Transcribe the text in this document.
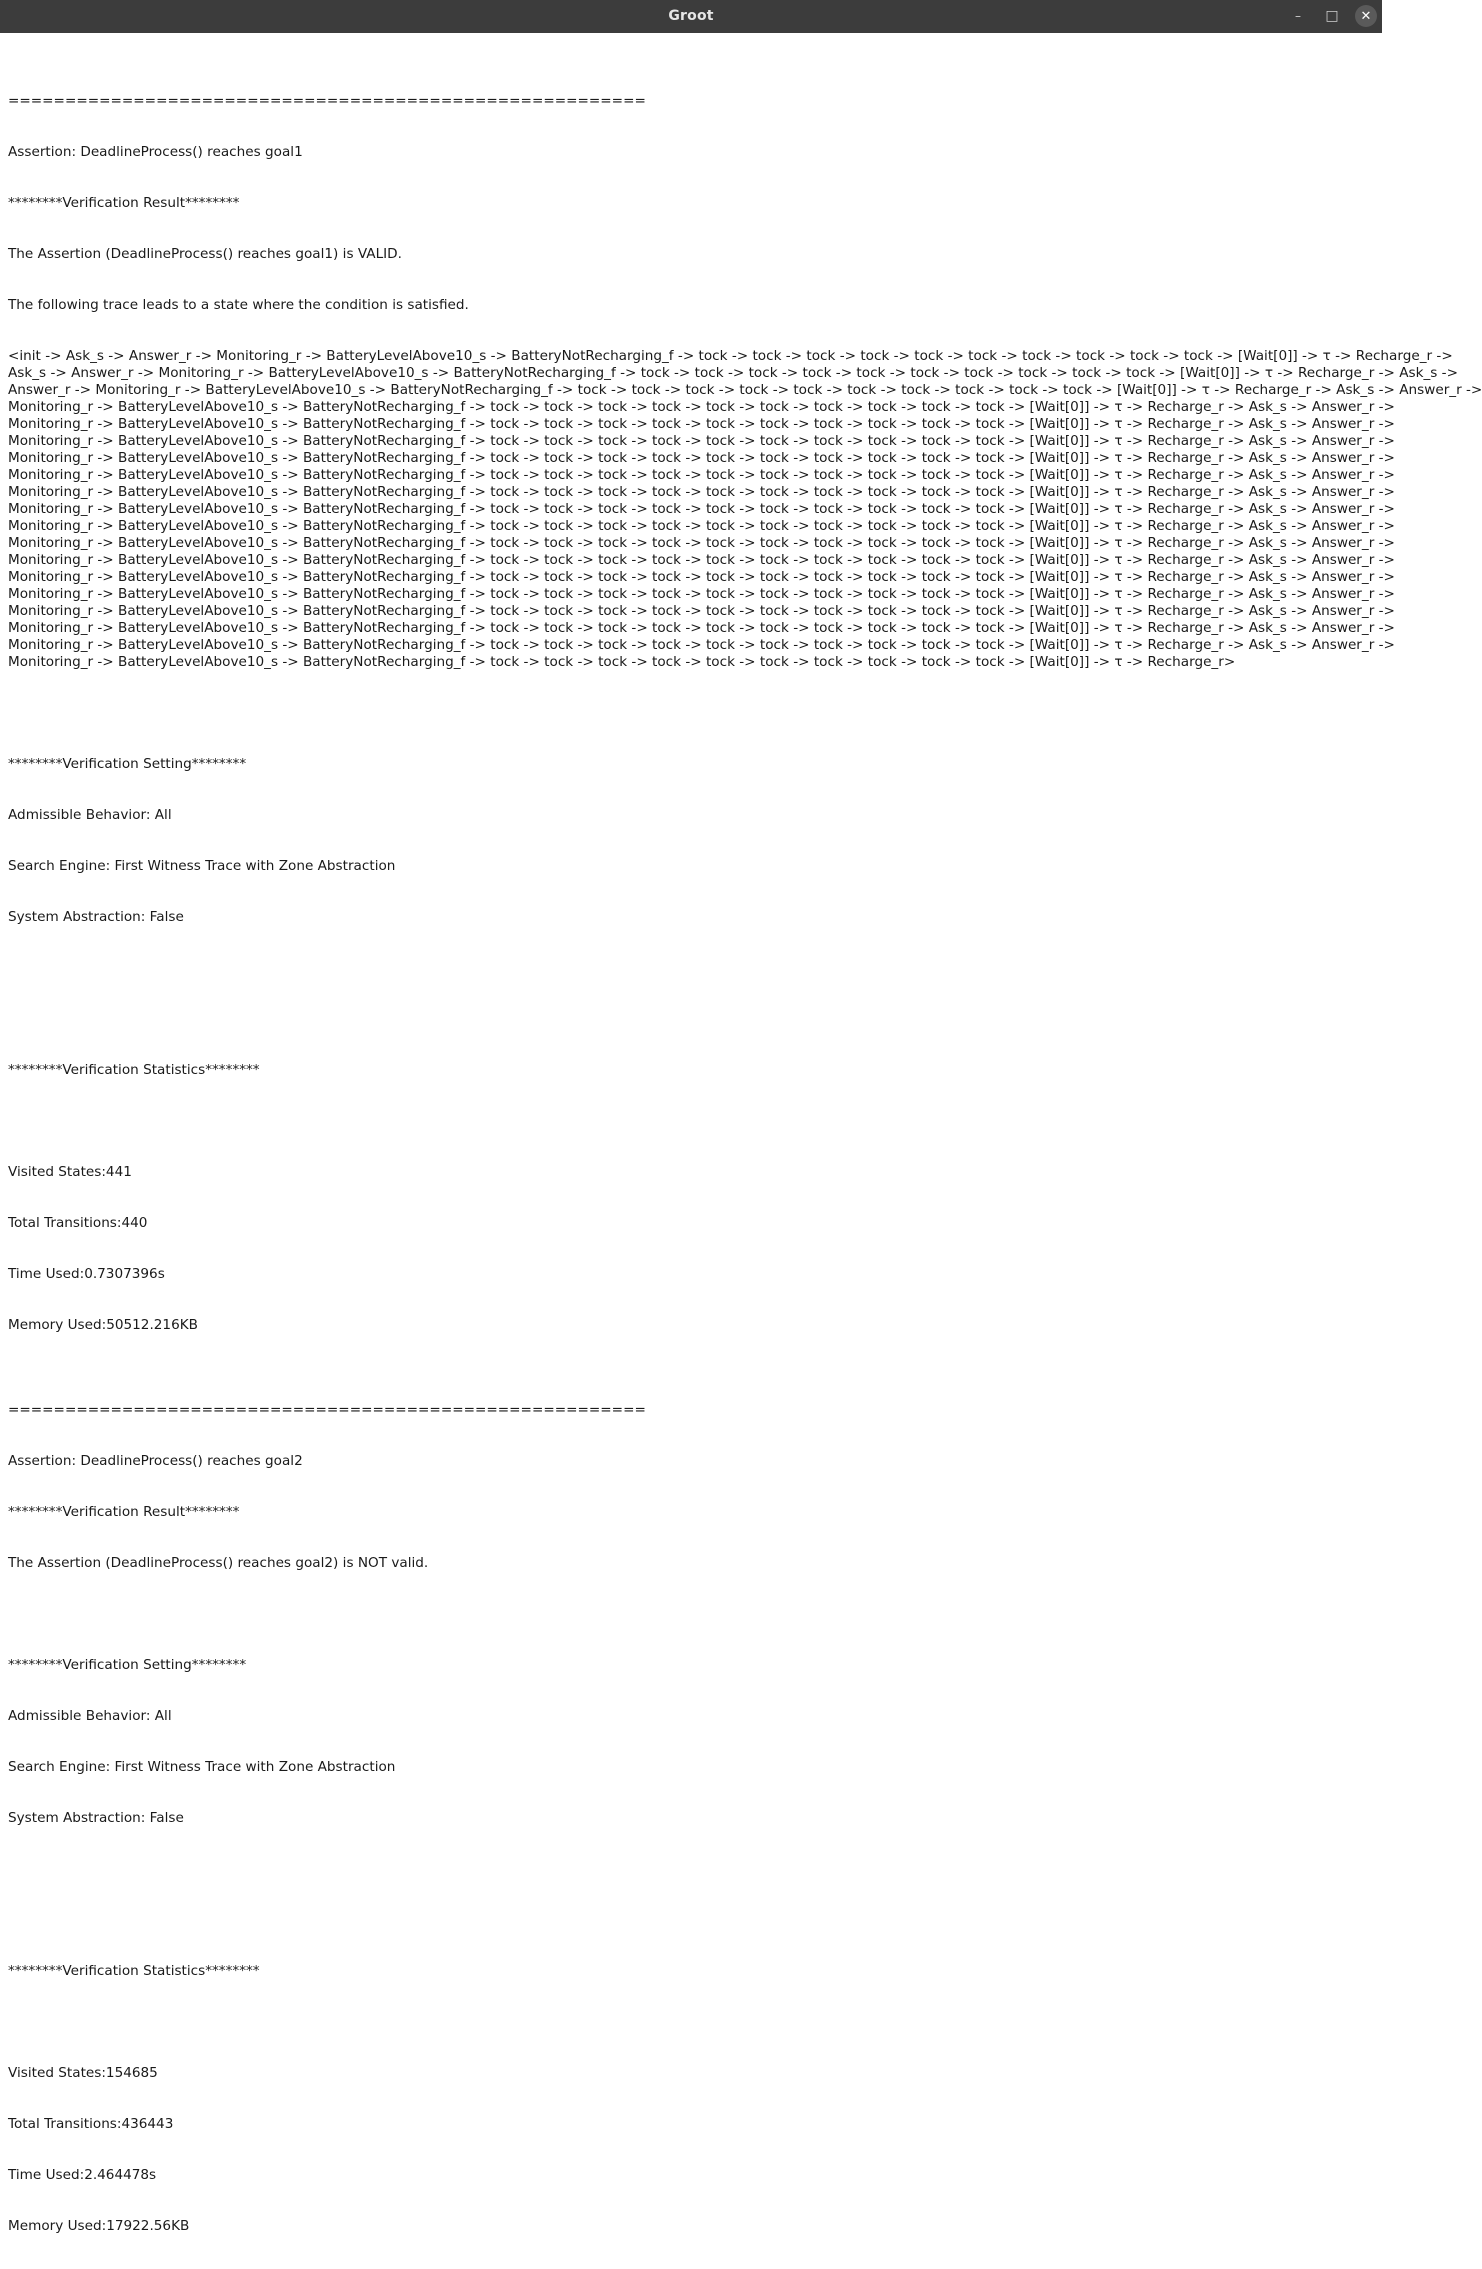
Groot	– □ ✕

========================================================

Assertion: DeadlineProcess() reaches goal1

********Verification Result********

The Assertion (DeadlineProcess() reaches goal1) is VALID.

The following trace leads to a state where the condition is satisfied.

<init -> Ask_s -> Answer_r -> Monitoring_r -> BatteryLevelAbove10_s -> BatteryNotRecharging_f -> tock -> tock -> tock -> tock -> tock -> tock -> tock -> tock -> tock -> tock -> [Wait[0]] -> τ -> Recharge_r ->
Ask_s -> Answer_r -> Monitoring_r -> BatteryLevelAbove10_s -> BatteryNotRecharging_f -> tock -> tock -> tock -> tock -> tock -> tock -> tock -> tock -> tock -> tock -> [Wait[0]] -> τ -> Recharge_r -> Ask_s ->
Answer_r -> Monitoring_r -> BatteryLevelAbove10_s -> BatteryNotRecharging_f -> tock -> tock -> tock -> tock -> tock -> tock -> tock -> tock -> tock -> tock -> [Wait[0]] -> τ -> Recharge_r -> Ask_s -> Answer_r ->
Monitoring_r -> BatteryLevelAbove10_s -> BatteryNotRecharging_f -> tock -> tock -> tock -> tock -> tock -> tock -> tock -> tock -> tock -> tock -> [Wait[0]] -> τ -> Recharge_r -> Ask_s -> Answer_r ->
Monitoring_r -> BatteryLevelAbove10_s -> BatteryNotRecharging_f -> tock -> tock -> tock -> tock -> tock -> tock -> tock -> tock -> tock -> tock -> [Wait[0]] -> τ -> Recharge_r -> Ask_s -> Answer_r ->
Monitoring_r -> BatteryLevelAbove10_s -> BatteryNotRecharging_f -> tock -> tock -> tock -> tock -> tock -> tock -> tock -> tock -> tock -> tock -> [Wait[0]] -> τ -> Recharge_r -> Ask_s -> Answer_r ->
Monitoring_r -> BatteryLevelAbove10_s -> BatteryNotRecharging_f -> tock -> tock -> tock -> tock -> tock -> tock -> tock -> tock -> tock -> tock -> [Wait[0]] -> τ -> Recharge_r -> Ask_s -> Answer_r ->
Monitoring_r -> BatteryLevelAbove10_s -> BatteryNotRecharging_f -> tock -> tock -> tock -> tock -> tock -> tock -> tock -> tock -> tock -> tock -> [Wait[0]] -> τ -> Recharge_r -> Ask_s -> Answer_r ->
Monitoring_r -> BatteryLevelAbove10_s -> BatteryNotRecharging_f -> tock -> tock -> tock -> tock -> tock -> tock -> tock -> tock -> tock -> tock -> [Wait[0]] -> τ -> Recharge_r -> Ask_s -> Answer_r ->
Monitoring_r -> BatteryLevelAbove10_s -> BatteryNotRecharging_f -> tock -> tock -> tock -> tock -> tock -> tock -> tock -> tock -> tock -> tock -> [Wait[0]] -> τ -> Recharge_r -> Ask_s -> Answer_r ->
Monitoring_r -> BatteryLevelAbove10_s -> BatteryNotRecharging_f -> tock -> tock -> tock -> tock -> tock -> tock -> tock -> tock -> tock -> tock -> [Wait[0]] -> τ -> Recharge_r -> Ask_s -> Answer_r ->
Monitoring_r -> BatteryLevelAbove10_s -> BatteryNotRecharging_f -> tock -> tock -> tock -> tock -> tock -> tock -> tock -> tock -> tock -> tock -> [Wait[0]] -> τ -> Recharge_r -> Ask_s -> Answer_r ->
Monitoring_r -> BatteryLevelAbove10_s -> BatteryNotRecharging_f -> tock -> tock -> tock -> tock -> tock -> tock -> tock -> tock -> tock -> tock -> [Wait[0]] -> τ -> Recharge_r -> Ask_s -> Answer_r ->
Monitoring_r -> BatteryLevelAbove10_s -> BatteryNotRecharging_f -> tock -> tock -> tock -> tock -> tock -> tock -> tock -> tock -> tock -> tock -> [Wait[0]] -> τ -> Recharge_r -> Ask_s -> Answer_r ->
Monitoring_r -> BatteryLevelAbove10_s -> BatteryNotRecharging_f -> tock -> tock -> tock -> tock -> tock -> tock -> tock -> tock -> tock -> tock -> [Wait[0]] -> τ -> Recharge_r -> Ask_s -> Answer_r ->
Monitoring_r -> BatteryLevelAbove10_s -> BatteryNotRecharging_f -> tock -> tock -> tock -> tock -> tock -> tock -> tock -> tock -> tock -> tock -> [Wait[0]] -> τ -> Recharge_r -> Ask_s -> Answer_r ->
Monitoring_r -> BatteryLevelAbove10_s -> BatteryNotRecharging_f -> tock -> tock -> tock -> tock -> tock -> tock -> tock -> tock -> tock -> tock -> [Wait[0]] -> τ -> Recharge_r -> Ask_s -> Answer_r ->
Monitoring_r -> BatteryLevelAbove10_s -> BatteryNotRecharging_f -> tock -> tock -> tock -> tock -> tock -> tock -> tock -> tock -> tock -> tock -> [Wait[0]] -> τ -> Recharge_r -> Ask_s -> Answer_r ->
Monitoring_r -> BatteryLevelAbove10_s -> BatteryNotRecharging_f -> tock -> tock -> tock -> tock -> tock -> tock -> tock -> tock -> tock -> tock -> [Wait[0]] -> τ -> Recharge_r>

********Verification Setting********

Admissible Behavior: All

Search Engine: First Witness Trace with Zone Abstraction

System Abstraction: False

********Verification Statistics********

Visited States:441

Total Transitions:440

Time Used:0.7307396s

Memory Used:50512.216KB

========================================================

Assertion: DeadlineProcess() reaches goal2

********Verification Result********

The Assertion (DeadlineProcess() reaches goal2) is NOT valid.

********Verification Setting********

Admissible Behavior: All

Search Engine: First Witness Trace with Zone Abstraction

System Abstraction: False

********Verification Statistics********

Visited States:154685

Total Transitions:436443

Time Used:2.464478s

Memory Used:17922.56KB
